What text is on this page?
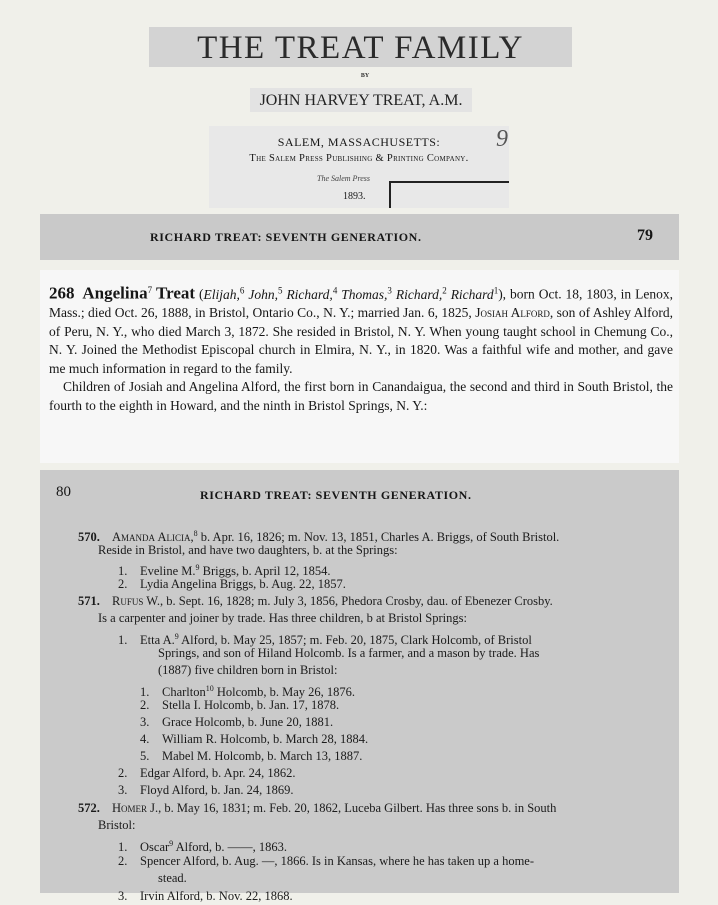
THE TREAT FAMILY
BY
JOHN HARVEY TREAT, A.M.
SALEM, MASSACHUSETTS:
The Salem Press Publishing & Printing Company.
The Salem Press
1893.
9
RICHARD TREAT: SEVENTH GENERATION.	79
268 Angelina$^7$ Treat (Elijah,$^6$ John,$^5$ Richard,$^4$ Thomas,$^3$ Richard,$^2$ Richard$^1$), born Oct. 18, 1803, in Lenox, Mass.; died Oct. 26, 1888, in Bristol, Ontario Co., N. Y.; married Jan. 6, 1825, Josiah Alford, son of Ashley Alford, of Peru, N. Y., who died March 3, 1872. She resided in Bristol, N. Y. When young taught school in Chemung Co., N. Y. Joined the Methodist Episcopal church in Elmira, N. Y., in 1820. Was a faithful wife and mother, and gave me much information in regard to the family.
Children of Josiah and Angelina Alford, the first born in Canandaigua, the second and third in South Bristol, the fourth to the eighth in Howard, and the ninth in Bristol Springs, N. Y.:
80	RICHARD TREAT: SEVENTH GENERATION.
570. Amanda Alicia,$^8$ b. Apr. 16, 1826; m. Nov. 13, 1851, Charles A. Briggs, of South Bristol.
Reside in Bristol, and have two daughters, b. at the Springs:
1. Eveline M.$^9$ Briggs, b. April 12, 1854.
2. Lydia Angelina Briggs, b. Aug. 22, 1857.
571. Rufus W., b. Sept. 16, 1828; m. July 3, 1856, Phedora Crosby, dau. of Ebenezer Crosby.
Is a carpenter and joiner by trade. Has three children, b at Bristol Springs:
1. Etta A.$^9$ Alford, b. May 25, 1857; m. Feb. 20, 1875, Clark Holcomb, of Bristol
Springs, and son of Hiland Holcomb. Is a farmer, and a mason by trade. Has
(1887) five children born in Bristol:
1. Charlton$^{10}$ Holcomb, b. May 26, 1876.
2. Stella I. Holcomb, b. Jan. 17, 1878.
3. Grace Holcomb, b. June 20, 1881.
4. William R. Holcomb, b. March 28, 1884.
5. Mabel M. Holcomb, b. March 13, 1887.
2. Edgar Alford, b. Apr. 24, 1862.
3. Floyd Alford, b. Jan. 24, 1869.
572. Homer J., b. May 16, 1831; m. Feb. 20, 1862, Luceba Gilbert. Has three sons b. in South
Bristol:
1. Oscar$^9$ Alford, b. ——, 1863.
2. Spencer Alford, b. Aug. —, 1866. Is in Kansas, where he has taken up a home-
stead.
3. Irvin Alford, b. Nov. 22, 1868.
